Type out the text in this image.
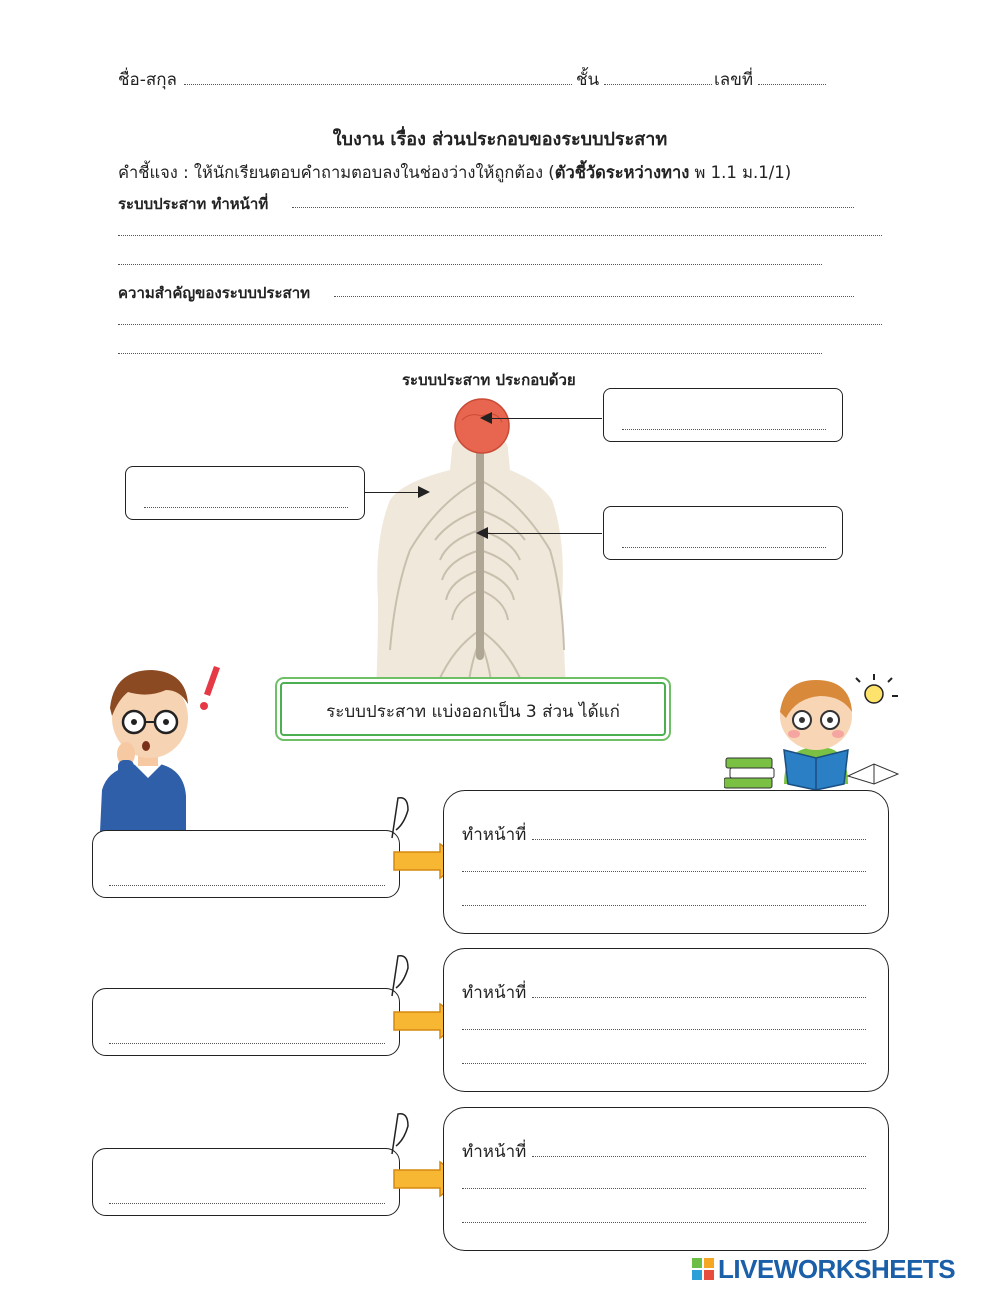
ชื่อ-สกุล	ชั้น	เลขที่
ใบงาน เรื่อง ส่วนประกอบของระบบประสาท
คำชี้แจง : ให้นักเรียนตอบคำถามตอบลงในช่องว่างให้ถูกต้อง (ตัวชี้วัดระหว่างทาง พ 1.1 ม.1/1)
ระบบประสาท ทำหน้าที่
ความสำคัญของระบบประสาท
ระบบประสาท ประกอบด้วย
ระบบประสาท แบ่งออกเป็น 3 ส่วน ได้แก่
ทำหน้าที่
ทำหน้าที่
ทำหน้าที่
LIVEWORKSHEETS
